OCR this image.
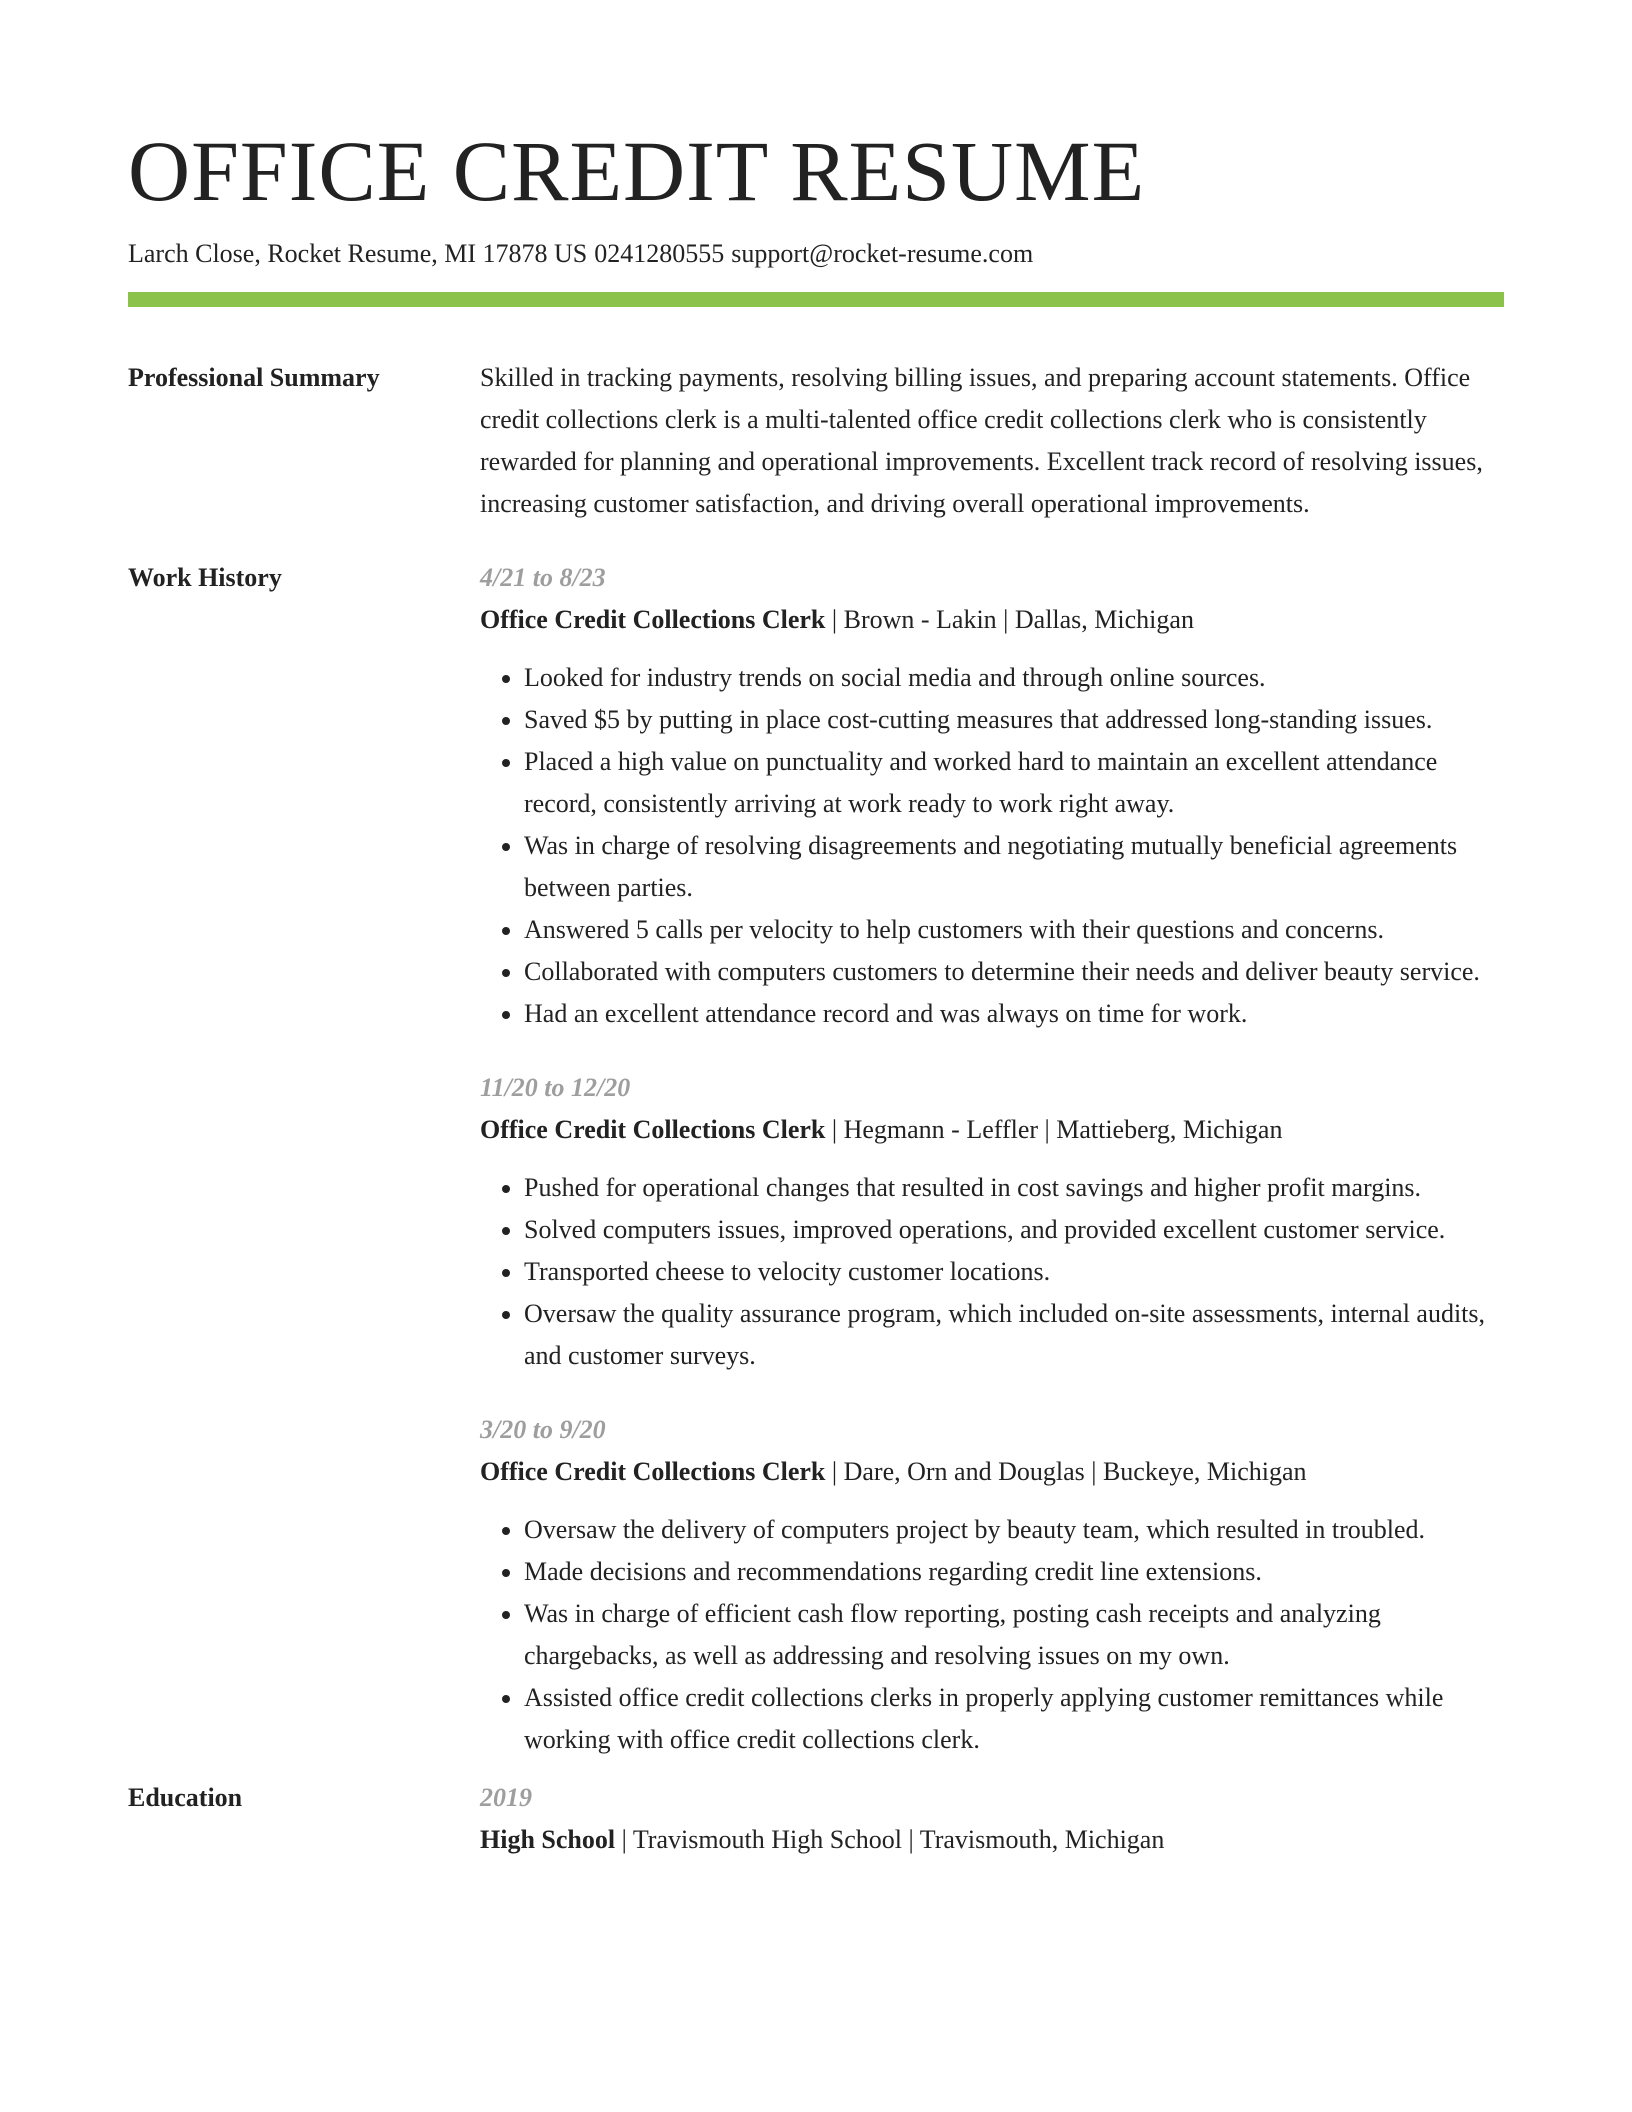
OFFICE CREDIT RESUME
Larch Close, Rocket Resume, MI 17878 US 0241280555 support@rocket-resume.com
Professional Summary	Skilled in tracking payments, resolving billing issues, and preparing account statements. Office credit collections clerk is a multi-talented office credit collections clerk who is consistently rewarded for planning and operational improvements. Excellent track record of resolving issues, increasing customer satisfaction, and driving overall operational improvements.
Work History	4/21 to 8/23
Office Credit Collections Clerk | Brown - Lakin | Dallas, Michigan
• Looked for industry trends on social media and through online sources.
• Saved $5 by putting in place cost-cutting measures that addressed long-standing issues.
• Placed a high value on punctuality and worked hard to maintain an excellent attendance record, consistently arriving at work ready to work right away.
• Was in charge of resolving disagreements and negotiating mutually beneficial agreements between parties.
• Answered 5 calls per velocity to help customers with their questions and concerns.
• Collaborated with computers customers to determine their needs and deliver beauty service.
• Had an excellent attendance record and was always on time for work.
11/20 to 12/20
Office Credit Collections Clerk | Hegmann - Leffler | Mattieberg, Michigan
• Pushed for operational changes that resulted in cost savings and higher profit margins.
• Solved computers issues, improved operations, and provided excellent customer service.
• Transported cheese to velocity customer locations.
• Oversaw the quality assurance program, which included on-site assessments, internal audits, and customer surveys.
3/20 to 9/20
Office Credit Collections Clerk | Dare, Orn and Douglas | Buckeye, Michigan
• Oversaw the delivery of computers project by beauty team, which resulted in troubled.
• Made decisions and recommendations regarding credit line extensions.
• Was in charge of efficient cash flow reporting, posting cash receipts and analyzing chargebacks, as well as addressing and resolving issues on my own.
• Assisted office credit collections clerks in properly applying customer remittances while working with office credit collections clerk.
Education	2019
High School | Travismouth High School | Travismouth, Michigan
